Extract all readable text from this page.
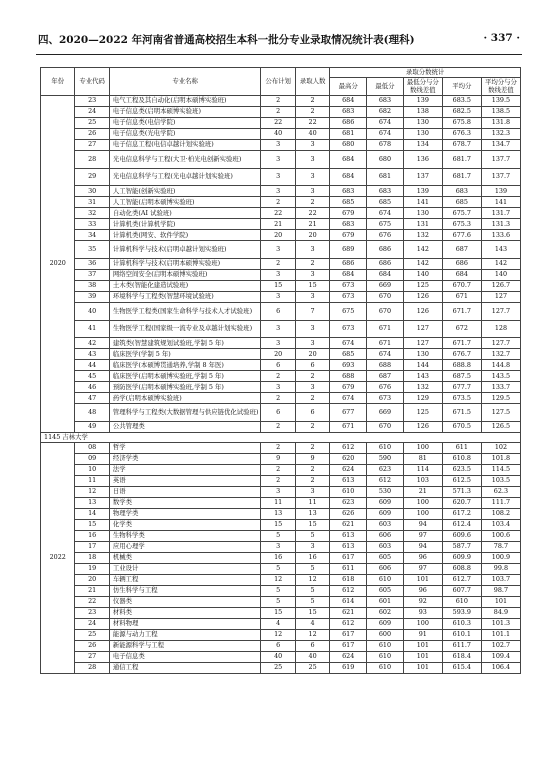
四、2020—2022 年河南省普通高校招生本科一批分专业录取情况统计表(理科)	· 337 ·
年份	专业代码	专业名称	公布计划	录取人数	录取分数统计				
					最高分	最低分	最低分与分数线差值	平均分	平均分与分数线差值
2020	23	电气工程及其自动化(启明本硕博实验班)	2	2	684	683	139	683.5	139.5
	24	电子信息类(启明本硕博实验班)	2	2	683	682	138	682.5	138.5
	25	电子信息类(电信学院)	22	22	686	674	130	675.8	131.8
	26	电子信息类(光电学院)	40	40	681	674	130	676.3	132.3
	27	电子信息工程(电信卓越计划实验班)	3	3	680	678	134	678.7	134.7
	28	光电信息科学与工程(大卫·柏光电创新实验班)	3	3	684	680	136	681.7	137.7
	29	光电信息科学与工程(光电卓越计划实验班)	3	3	684	681	137	681.7	137.7
	30	人工智能(创新实验班)	3	3	683	683	139	683	139
	31	人工智能(启明本硕博实验班)	2	2	685	685	141	685	141
	32	自动化类(AI 试验班)	22	22	679	674	130	675.7	131.7
	33	计算机类(计算机学院)	21	21	683	675	131	675.3	131.3
	34	计算机类(网安、软件学院)	20	20	679	676	132	677.6	133.6
	35	计算机科学与技术(启明卓越计划实验班)	3	3	689	686	142	687	143
	36	计算机科学与技术(启明本硕博实验班)	2	2	686	686	142	686	142
	37	网络空间安全(启明本硕博实验班)	3	3	684	684	140	684	140
	38	土木类(智能化建造试验班)	15	15	673	669	125	670.7	126.7
	39	环境科学与工程类(智慧环境试验班)	3	3	673	670	126	671	127
	40	生物医学工程类(国家生命科学与技术人才试验班)	6	7	675	670	126	671.7	127.7
	41	生物医学工程(国家级一流专业及卓越计划实验班)	3	3	673	671	127	672	128
	42	建筑类(智慧建筑规划试验班,学制 5 年)	3	3	674	671	127	671.7	127.7
	43	临床医学(学制 5 年)	20	20	685	674	130	676.7	132.7
	44	临床医学(本硕博贯通培养,学制 8 年医)	6	6	693	688	144	688.8	144.8
	45	临床医学(启明本硕博实验班,学制 5 年)	2	2	688	687	143	687.5	143.5
	46	预防医学(启明本硕博实验班,学制 5 年)	3	3	679	676	132	677.7	133.7
	47	药学(启明本硕博实验班)	2	2	674	673	129	673.5	129.5
	48	管理科学与工程类(大数据管理与供应链优化试验班)	6	6	677	669	125	671.5	127.5
	49	公共管理类	2	2	671	670	126	670.5	126.5
1145 吉林大学									
2022	08	哲学	2	2	612	610	100	611	102
	09	经济学类	9	9	620	590	81	610.8	101.8
	10	法学	2	2	624	623	114	623.5	114.5
	11	英语	2	2	613	612	103	612.5	103.5
	12	日语	3	3	610	530	21	571.3	62.3
	13	数学类	11	11	623	609	100	620.7	111.7
	14	物理学类	13	13	626	609	100	617.2	108.2
	15	化学类	15	15	621	603	94	612.4	103.4
	16	生物科学类	5	5	613	606	97	609.6	100.6
	17	应用心理学	3	3	613	603	94	587.7	78.7
	18	机械类	16	16	617	605	96	609.9	100.9
	19	工业设计	5	5	611	606	97	608.8	99.8
	20	车辆工程	12	12	618	610	101	612.7	103.7
	21	仿生科学与工程	5	5	612	605	96	607.7	98.7
	22	仪器类	5	5	614	601	92	610	101
	23	材料类	15	15	621	602	93	593.9	84.9
	24	材料物理	4	4	612	609	100	610.3	101.3
	25	能源与动力工程	12	12	617	600	91	610.1	101.1
	26	新能源科学与工程	6	6	617	610	101	611.7	102.7
	27	电子信息类	40	40	624	610	101	618.4	109.4
	28	通信工程	25	25	619	610	101	615.4	106.4
